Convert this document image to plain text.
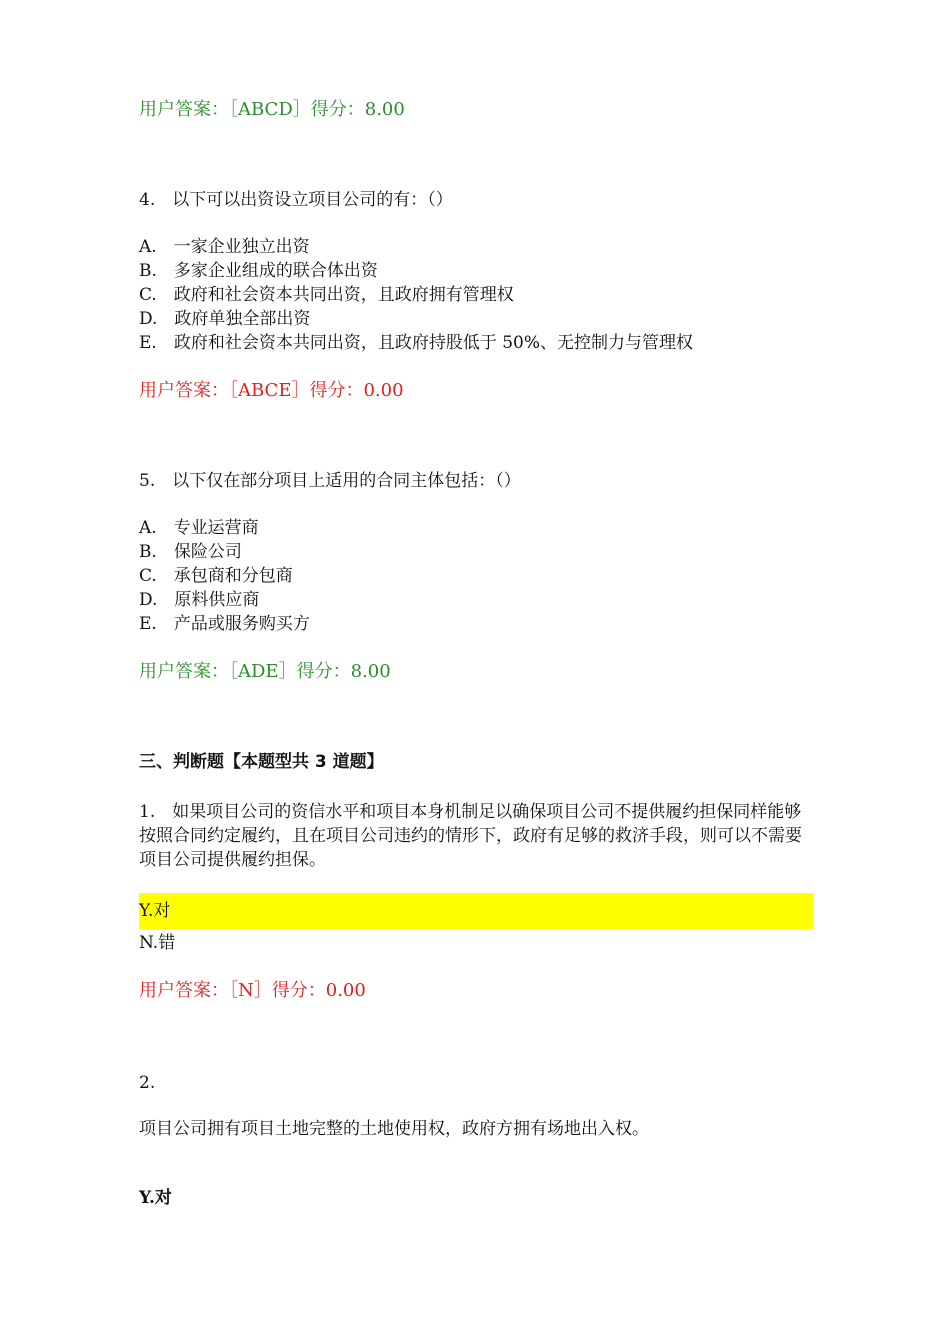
用户答案：［ABCD］得分：8.00
4.　以下可以出资设立项目公司的有：（）
A.　一家企业独立出资
B.　多家企业组成的联合体出资
C.　政府和社会资本共同出资，且政府拥有管理权
D.　政府单独全部出资
E.　政府和社会资本共同出资，且政府持股低于 50%、无控制力与管理权
用户答案：［ABCE］得分：0.00
5.　以下仅在部分项目上适用的合同主体包括：（）
A.　专业运营商
B.　保险公司
C.　承包商和分包商
D.　原料供应商
E.　产品或服务购买方
用户答案：［ADE］得分：8.00
三、判断题【本题型共 3 道题】
1.　如果项目公司的资信水平和项目本身机制足以确保项目公司不提供履约担保同样能够按照合同约定履约，且在项目公司违约的情形下，政府有足够的救济手段，则可以不需要项目公司提供履约担保。
Y.对
N.错
用户答案：［N］得分：0.00
2.
项目公司拥有项目土地完整的土地使用权，政府方拥有场地出入权。
Y.对
